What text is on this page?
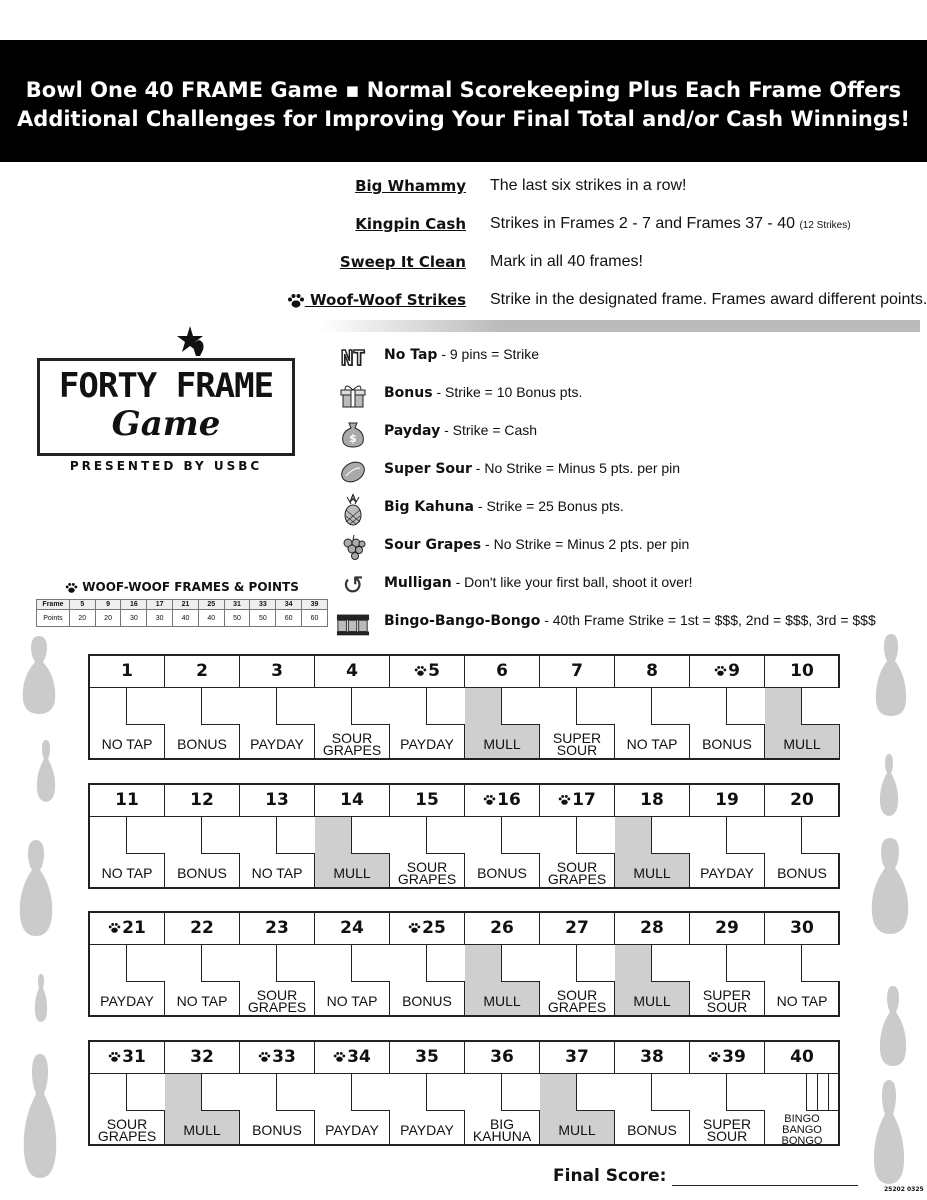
Bowl One 40 FRAME Game ▪ Normal Scorekeeping Plus Each Frame Offers
Additional Challenges for Improving Your Final Total and/or Cash Winnings!
Big Whammy The last six strikes in a row!
Kingpin Cash Strikes in Frames 2 - 7 and Frames 37 - 40 (12 Strikes)
Sweep It Clean Mark in all 40 frames!
Woof-Woof Strikes Strike in the designated frame. Frames award different points.
FORTY FRAME
Game
PRESENTED BY USBC
NT No Tap - 9 pins = Strike
Bonus - Strike = 10 Bonus pts.
$ Payday - Strike = Cash
Super Sour - No Strike = Minus 5 pts. per pin
Big Kahuna - Strike = 25 Bonus pts.
Sour Grapes - No Strike = Minus 2 pts. per pin
↺ Mulligan - Don't like your first ball, shoot it over!
Bingo-Bango-Bongo - 40th Frame Strike = 1st = $$$, 2nd = $$$, 3rd = $$$
WOOF-WOOF FRAMES & POINTS
Frame	5	9	16	17	21	25	31	33	34	39
Points	20	20	30	30	40	40	50	50	60	60
1
NO TAP
2
BONUS
3
PAYDAY
4
SOUR
GRAPES
5
PAYDAY
6
MULL
7
SUPER
SOUR
8
NO TAP
9
BONUS
10
MULL
11
NO TAP
12
BONUS
13
NO TAP
14
MULL
15
SOUR
GRAPES
16
BONUS
17
SOUR
GRAPES
18
MULL
19
PAYDAY
20
BONUS
21
PAYDAY
22
NO TAP
23
SOUR
GRAPES
24
NO TAP
25
BONUS
26
MULL
27
SOUR
GRAPES
28
MULL
29
SUPER
SOUR
30
NO TAP
31
SOUR
GRAPES
32
MULL
33
BONUS
34
PAYDAY
35
PAYDAY
36
BIG
KAHUNA
37
MULL
38
BONUS
39
SUPER
SOUR
40
BINGO
BANGO
BONGO
Final Score:
25202 0325
